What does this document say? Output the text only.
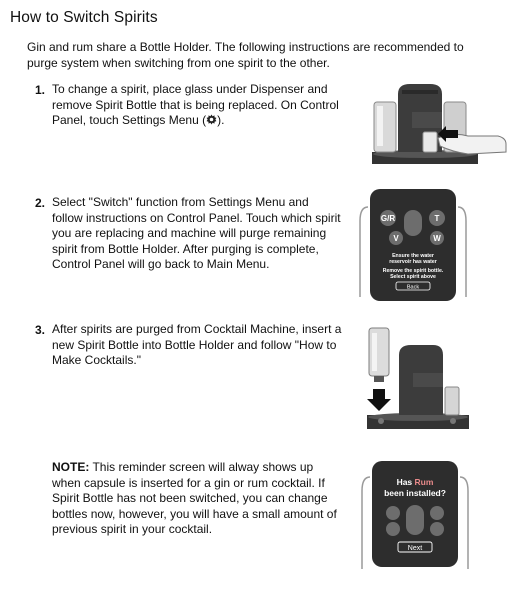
How to Switch Spirits
Gin and rum share a Bottle Holder. The following instructions are recommended to purge system when switching from one spirit to the other.
1. To change a spirit, place glass under Dispenser and
remove Spirit Bottle that is being replaced. On Control
Panel, touch Settings Menu ( ).
2. Select "Switch" function from Settings Menu and
follow instructions on Control Panel. Touch which spirit
you are replacing and machine will purge remaining
spirit from Bottle Holder. After purging is complete,
Control Panel will go back to Main Menu.
G/R	T
V	W
Ensure the water
reservoir has water
Remove the spirit bottle.
Select spirit above
Back
3. After spirits are purged from Cocktail Machine, insert a
new Spirit Bottle into Bottle Holder and follow "How to
Make Cocktails."
NOTE: This reminder screen will alway shows up
when capsule is inserted for a gin or rum cocktail. If
Spirit Bottle has not been switched, you can change
bottles now, however, you will have a small amount of
previous spirit in your cocktail.
Has Rum
been installed?
Next
